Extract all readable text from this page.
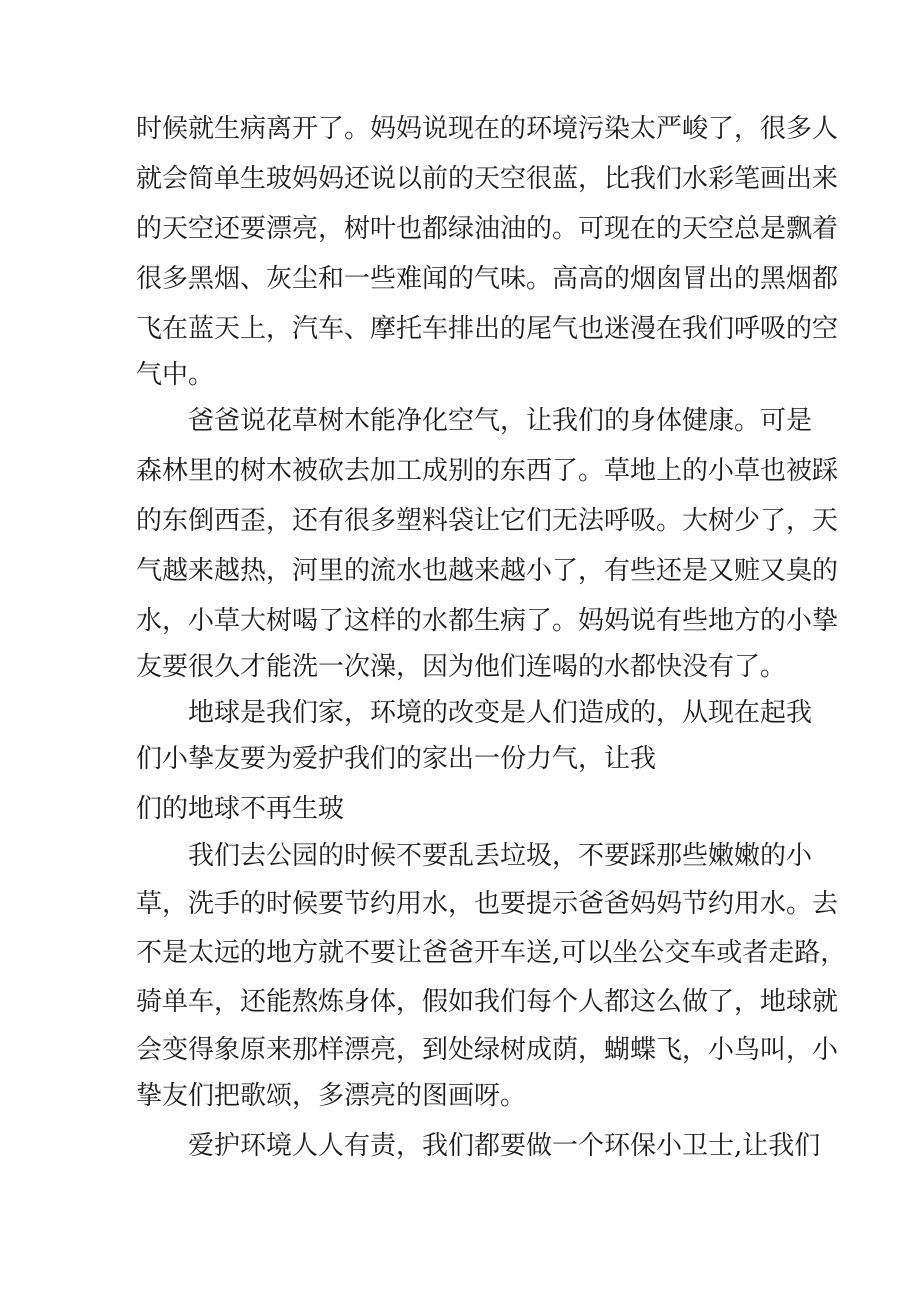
时候就生病离开了。妈妈说现在的环境污染太严峻了，很多人
就会简单生玻妈妈还说以前的天空很蓝，比我们水彩笔画出来
的天空还要漂亮，树叶也都绿油油的。可现在的天空总是飘着
很多黑烟、灰尘和一些难闻的气味。高高的烟囱冒出的黑烟都
飞在蓝天上，汽车、摩托车排出的尾气也迷漫在我们呼吸的空
气中。
爸爸说花草树木能净化空气，让我们的身体健康。可是
森林里的树木被砍去加工成别的东西了。草地上的小草也被踩
的东倒西歪，还有很多塑料袋让它们无法呼吸。大树少了，天
气越来越热，河里的流水也越来越小了，有些还是又赃又臭的
水，小草大树喝了这样的水都生病了。妈妈说有些地方的小挚
友要很久才能洗一次澡，因为他们连喝的水都快没有了。
地球是我们家，环境的改变是人们造成的，从现在起我
们小挚友要为爱护我们的家出一份力气，让我
们的地球不再生玻
我们去公园的时候不要乱丢垃圾，不要踩那些嫩嫩的小
草，洗手的时候要节约用水，也要提示爸爸妈妈节约用水。去
不是太远的地方就不要让爸爸开车送,可以坐公交车或者走路，
骑单车，还能熬炼身体，假如我们每个人都这么做了，地球就
会变得象原来那样漂亮，到处绿树成荫，蝴蝶飞，小鸟叫，小
挚友们把歌颂，多漂亮的图画呀。
爱护环境人人有责，我们都要做一个环保小卫士,让我们
